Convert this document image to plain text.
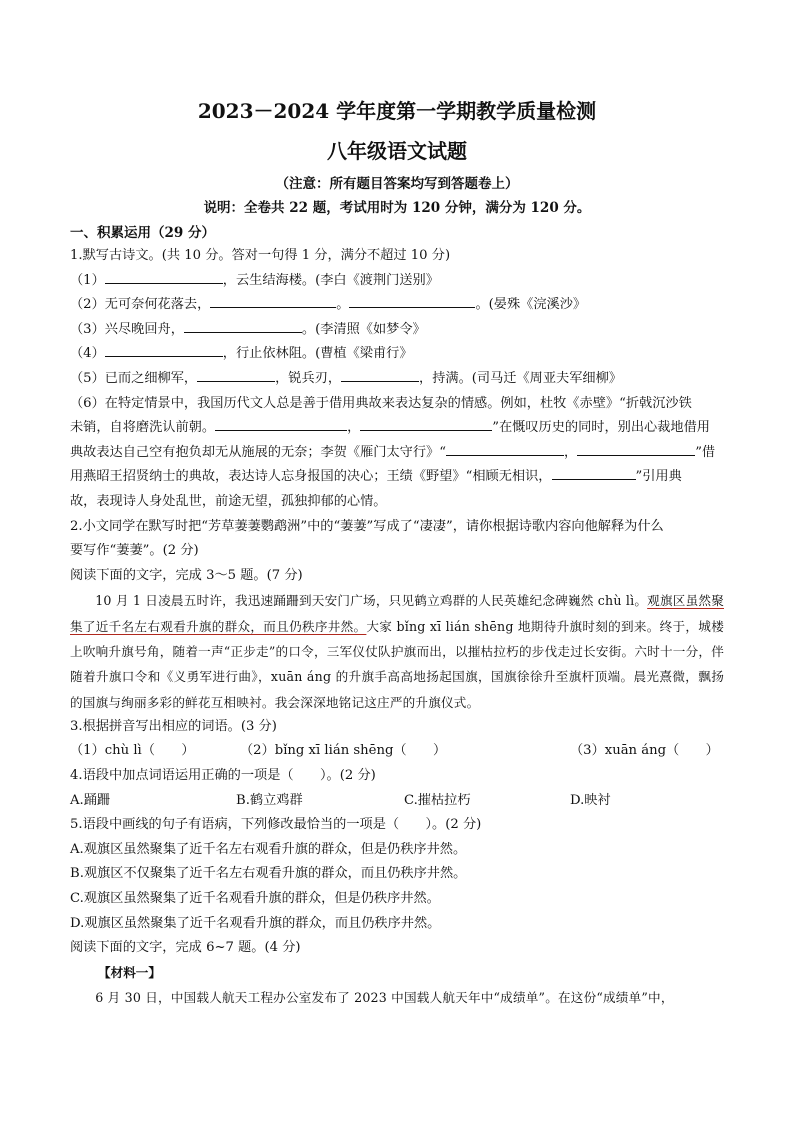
2023－2024 学年度第一学期教学质量检测
八年级语文试题
（注意：所有题目答案均写到答题卷上）
说明：全卷共 22 题，考试用时为 120 分钟，满分为 120 分。
一、积累运用（29 分）
1.默写古诗文。(共 10 分。答对一句得 1 分，满分不超过 10 分)
（1）	，云生结海楼。(李白《渡荆门送别》
（2）无可奈何花落去，	。	。(晏殊《浣溪沙》
（3）兴尽晚回舟，	。(李清照《如梦令》
（4）	，行止依林阻。(曹植《梁甫行》
（5）已而之细柳军，	，锐兵刃，	，持满。(司马迁《周亚夫军细柳》
（6）在特定情景中，我国历代文人总是善于借用典故来表达复杂的情感。例如，杜牧《赤壁》“折戟沉沙铁
未销，自将磨洗认前朝。	，	”在慨叹历史的同时，别出心裁地借用
典故表达自己空有抱负却无从施展的无奈；李贺《雁门太守行》“	，	”借
用燕昭王招贤纳士的典故，表达诗人忘身报国的决心；王绩《野望》“相顾无相识，	”引用典
故，表现诗人身处乱世，前途无望，孤独抑郁的心情。
2.小文同学在默写时把“芳草萋萋鹦鹉洲”中的“萋萋”写成了“凄凄”，请你根据诗歌内容向他解释为什么
要写作“萋萋”。(2 分)
阅读下面的文字，完成 3～5 题。(7 分)
10 月 1 日凌晨五时许，我迅速踊跚到天安门广场，只见鹤立鸡群的人民英雄纪念碑巍然 chù lì。观旗区虽然聚集了近千名左右观看升旗的群众，而且仍秩序井然。大家 bǐng xī lián shēng 地期待升旗时刻的到来。终于，城楼上吹响升旗号角，随着一声“正步走”的口令，三军仪仗队护旗而出，以摧枯拉朽的步伐走过长安街。六时十一分，伴随着升旗口令和《义勇军进行曲》，xuān áng 的升旗手高高地扬起国旗，国旗徐徐升至旗杆顶端。晨光熹微，飘扬的国旗与绚丽多彩的鲜花互相映衬。我会深深地铭记这庄严的升旗仪式。
3.根据拼音写出相应的词语。(3 分)
（1）chù lì（　　）	（2）bǐng xī lián shēng（　　）	（3）xuān áng（　　）
4.语段中加点词语运用正确的一项是（　　）。(2 分)
A.踊跚	B.鹤立鸡群	C.摧枯拉朽	D.映衬
5.语段中画线的句子有语病，下列修改最恰当的一项是（　　）。(2 分)
A.观旗区虽然聚集了近千名左右观看升旗的群众，但是仍秩序井然。
B.观旗区不仅聚集了近千名左右观看升旗的群众，而且仍秩序井然。
C.观旗区虽然聚集了近千名观看升旗的群众，但是仍秩序井然。
D.观旗区虽然聚集了近千名观看升旗的群众，而且仍秩序井然。
阅读下面的文字，完成 6~7 题。(4 分)
【材料一】
6 月 30 日，中国载人航天工程办公室发布了 2023 中国载人航天年中“成绩单”。在这份“成绩单”中，
